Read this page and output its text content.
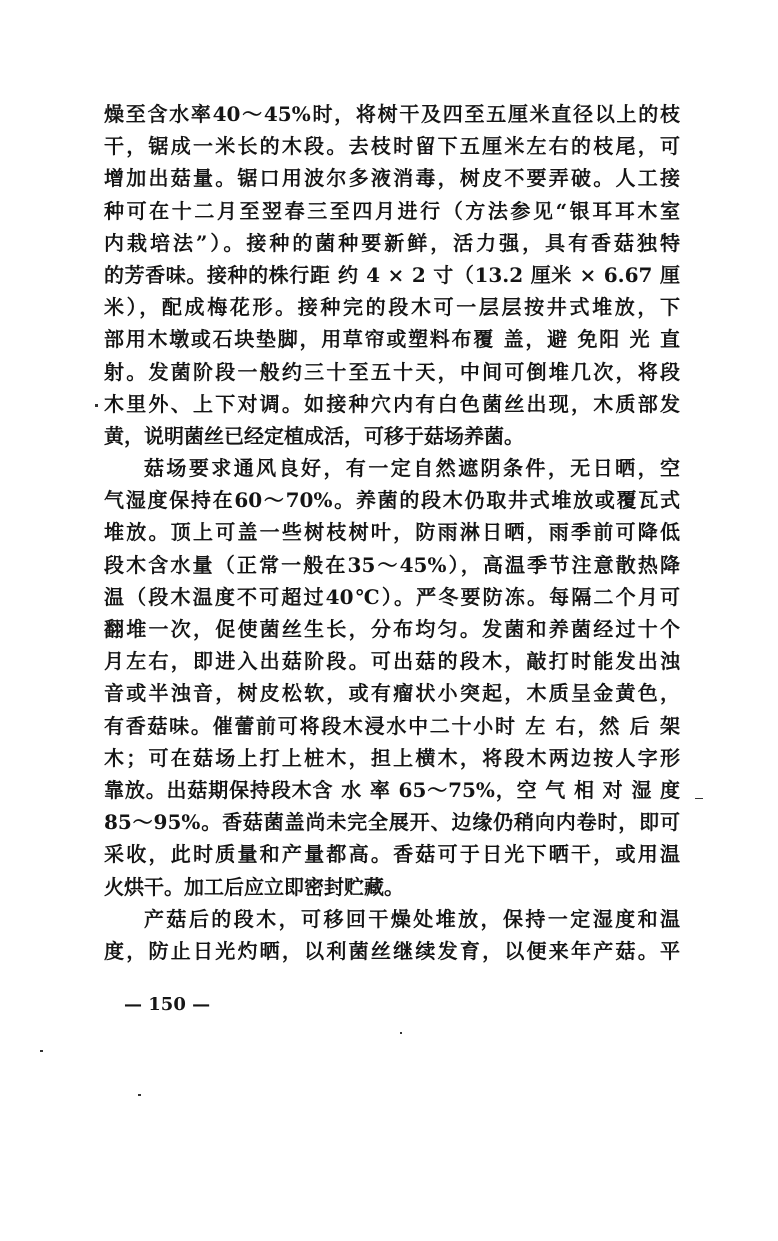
燥至含水率40～45%时，将树干及四至五厘米直径以上的枝
干，锯成一米长的木段。去枝时留下五厘米左右的枝尾，可
增加出菇量。锯口用波尔多液消毒，树皮不要弄破。人工接
种可在十二月至翌春三至四月进行（方法参见“银耳耳木室
内栽培法”）。接种的菌种要新鲜，活力强，具有香菇独特
的芳香味。接种的株行距 约 4 × 2 寸（13.2 厘米 × 6.67 厘
米），配成梅花形。接种完的段木可一层层按井式堆放，下
部用木墩或石块垫脚，用草帘或塑料布覆 盖，避 免阳 光 直
射。发菌阶段一般约三十至五十天，中间可倒堆几次，将段
木里外、上下对调。如接种穴内有白色菌丝出现，木质部发
黄，说明菌丝已经定植成活，可移于菇场养菌。
菇场要求通风良好，有一定自然遮阴条件，无日晒，空
气湿度保持在60～70%。养菌的段木仍取井式堆放或覆瓦式
堆放。顶上可盖一些树枝树叶，防雨淋日晒，雨季前可降低
段木含水量（正常一般在35～45%），高温季节注意散热降
温（段木温度不可超过40℃）。严冬要防冻。每隔二个月可
翻堆一次，促使菌丝生长，分布均匀。发菌和养菌经过十个
月左右，即进入出菇阶段。可出菇的段木，敲打时能发出浊
音或半浊音，树皮松软，或有瘤状小突起，木质呈金黄色，
有香菇味。催蕾前可将段木浸水中二十小时 左 右，然 后 架
木；可在菇场上打上桩木，担上横木，将段木两边按人字形
靠放。出菇期保持段木含 水 率 65～75%，空 气 相 对 湿 度
85～95%。香菇菌盖尚未完全展开、边缘仍稍向内卷时，即可
采收，此时质量和产量都高。香菇可于日光下晒干，或用温
火烘干。加工后应立即密封贮藏。
产菇后的段木，可移回干燥处堆放，保持一定湿度和温
度，防止日光灼晒，以利菌丝继续发育，以便来年产菇。平
— 150 —
